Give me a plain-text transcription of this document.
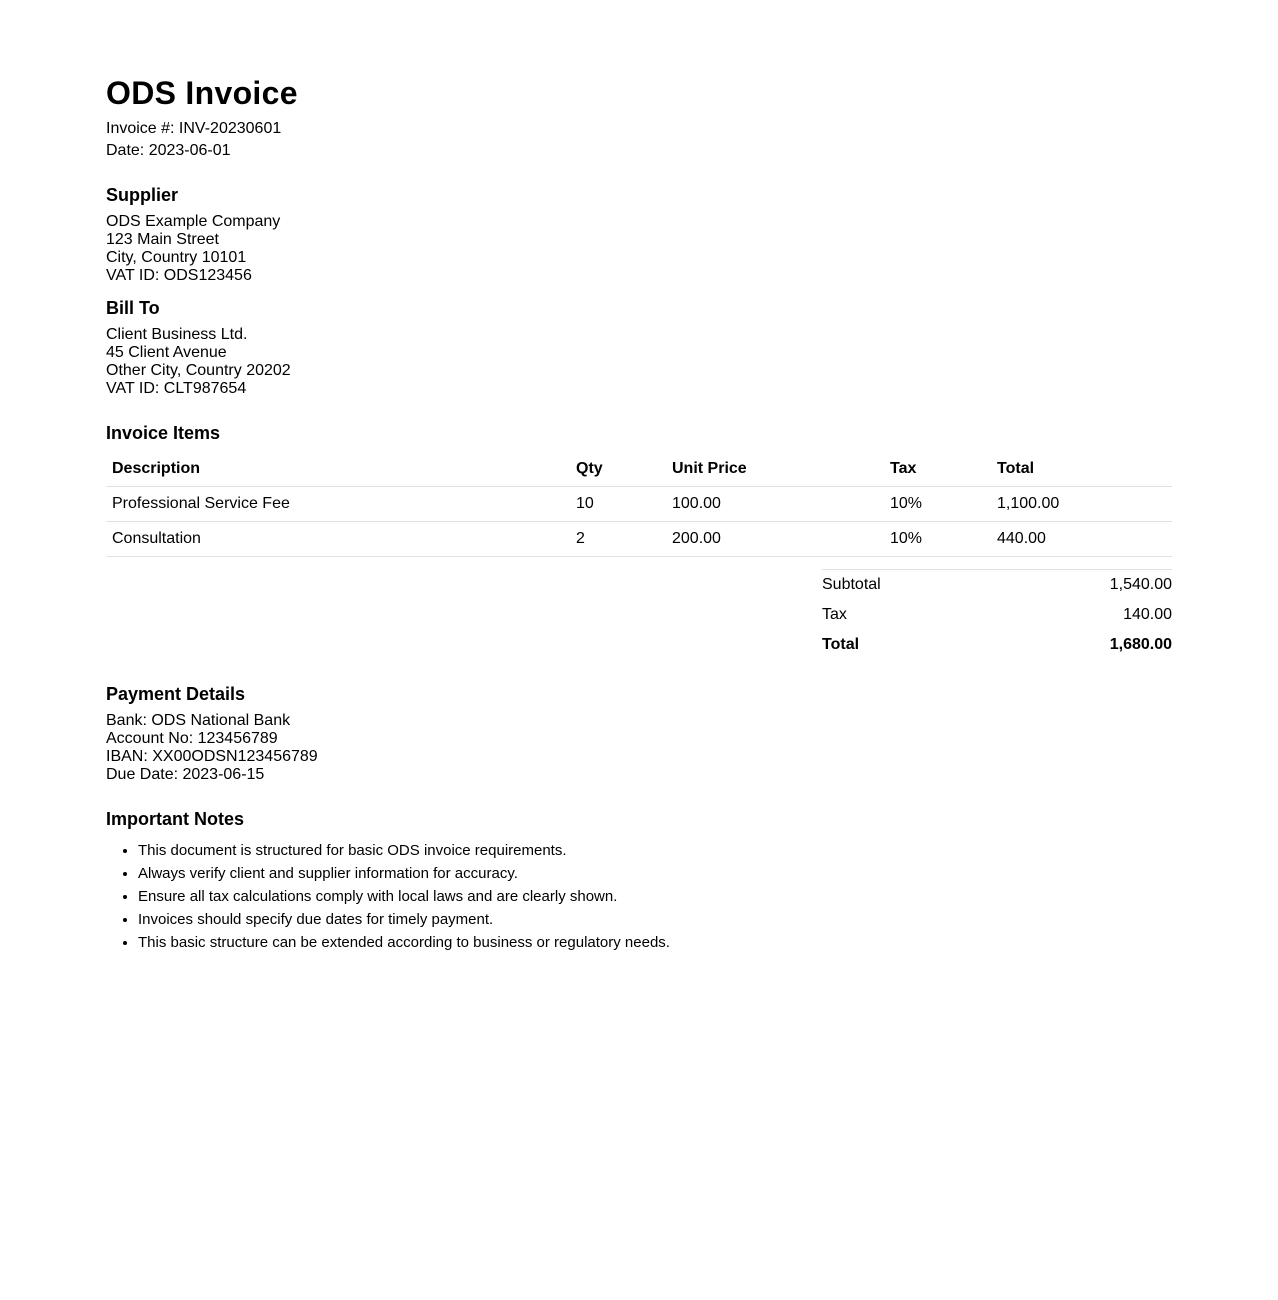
ODS Invoice

Invoice #: INV-20230601

Date: 2023-06-01

Supplier
ODS Example Company
123 Main Street
City, Country 10101
VAT ID: ODS123456
Bill To
Client Business Ltd.
45 Client Avenue
Other City, Country 20202
VAT ID: CLT987654
Invoice Items
Description	Qty	Unit Price	Tax	Total
Professional Service Fee	10	100.00	10%	1,100.00
Consultation	2	200.00	10%	440.00
Subtotal	1,540.00
Tax	140.00
Total	1,680.00
Payment Details
Bank: ODS National Bank
Account No: 123456789
IBAN: XX00ODSN123456789
Due Date: 2023-06-15
Important Notes
• This document is structured for basic ODS invoice requirements.
• Always verify client and supplier information for accuracy.
• Ensure all tax calculations comply with local laws and are clearly shown.
• Invoices should specify due dates for timely payment.
• This basic structure can be extended according to business or regulatory needs.
